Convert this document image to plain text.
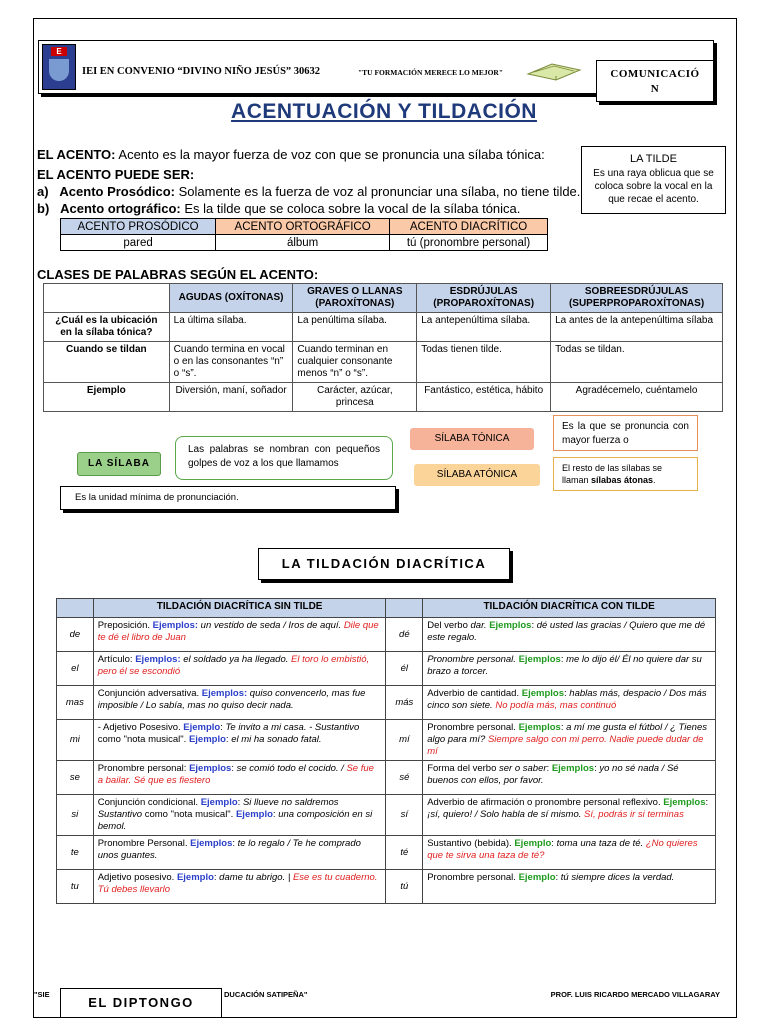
E
IEI EN CONVENIO “DIVINO NIÑO JESÚS” 30632	"TU FORMACIÓN MERECE LO MEJOR"	COMUNICACIÓ
N
ACENTUACIÓN Y TILDACIÓN
EL ACENTO: Acento es la mayor fuerza de voz con que se pronuncia una sílaba tónica:
EL ACENTO PUEDE SER:
a) Acento Prosódico: Solamente es la fuerza de voz al pronunciar una sílaba, no tiene tilde.
b) Acento ortográfico: Es la tilde que se coloca sobre la vocal de la sílaba tónica.
LA TILDE
Es una raya oblicua que se coloca sobre la vocal en la que recae el acento.
ACENTO PROSÓDICO	ACENTO ORTOGRÁFICO	ACENTO DIACRÍTICO
pared	álbum	tú (pronombre personal)
CLASES DE PALABRAS SEGÚN EL ACENTO:
	AGUDAS (OXÍTONAS)	GRAVES O LLANAS (PAROXÍTONAS)	ESDRÚJULAS (PROPAROXÍTONAS)	SOBREESDRÚJULAS (SUPERPROPAROXÍTONAS)
¿Cuál es la ubicación en la sílaba tónica?	La última sílaba.	La penúltima sílaba.	La antepenúltima sílaba.	La antes de la antepenúltima sílaba
Cuando se tildan	Cuando termina en vocal o en las consonantes “n” o “s”.	Cuando terminan en cualquier consonante menos “n” o “s”.	Todas tienen tilde.	Todas se tildan.
Ejemplo	Diversión, maní, soñador	Carácter, azúcar, princesa	Fantástico, estética, hábito	Agradécemelo, cuéntamelo
LA SÍLABA
Las palabras se nombran con pequeños golpes de voz a los que llamamos
SÍLABA TÓNICA
SÍLABA ATÓNICA
Es la que se pronuncia con mayor fuerza o
El resto de las sílabas se llaman sílabas átonas.
Es la unidad mínima de pronunciación.
LA TILDACIÓN DIACRÍTICA
	TILDACIÓN DIACRÍTICA SIN TILDE		TILDACIÓN DIACRÍTICA CON TILDE
de	Preposición. Ejemplos: un vestido de seda / Iros de aquí. Dile que te dé el libro de Juan	dé	Del verbo dar. Ejemplos: dé usted las gracias / Quiero que me dé este regalo.
el	Artículo: Ejemplos: el soldado ya ha llegado. El toro lo embistió, pero él se escondió	él	Pronombre personal. Ejemplos: me lo dijo él/ Él no quiere dar su brazo a torcer.
mas	Conjunción adversativa. Ejemplos: quiso convencerlo, mas fue imposible / Lo sabía, mas no quiso decir nada.	más	Adverbio de cantidad. Ejemplos: hablas más, despacio / Dos más cinco son siete. No podía más, mas continuó
mi	- Adjetivo Posesivo. Ejemplo: Te invito a mi casa. - Sustantivo como "nota musical". Ejemplo: el mi ha sonado fatal.	mí	Pronombre personal. Ejemplos: a mí me gusta el fútbol / ¿ Tienes algo para mí? Siempre salgo con mi perro. Nadie puede dudar de mí
se	Pronombre personal: Ejemplos: se comió todo el cocido. / Se fue a bailar. Sé que es fiestero	sé	Forma del verbo ser o saber: Ejemplos: yo no sé nada / Sé buenos con ellos, por favor.
si	Conjunción condicional. Ejemplo: Si llueve no saldremos Sustantivo como "nota musical". Ejemplo: una composición en si bemol.	sí	Adverbio de afirmación o pronombre personal reflexivo. Ejemplos: ¡sí, quiero! / Solo habla de sí mismo. Sí, podrás ir si terminas
te	Pronombre Personal. Ejemplos: te lo regalo / Te he comprado unos guantes.	té	Sustantivo (bebida). Ejemplo: toma una taza de té. ¿No quieres que te sirva una taza de té?
tu	Adjetivo posesivo. Ejemplo: dame tu abrigo. | Ese es tu cuaderno. Tú debes llevarlo	tú	Pronombre personal. Ejemplo: tú siempre dices la verdad.
"SIE	DUCACIÓN SATIPEÑA"	PROF. LUIS RICARDO MERCADO VILLAGARAY
EL DIPTONGO
